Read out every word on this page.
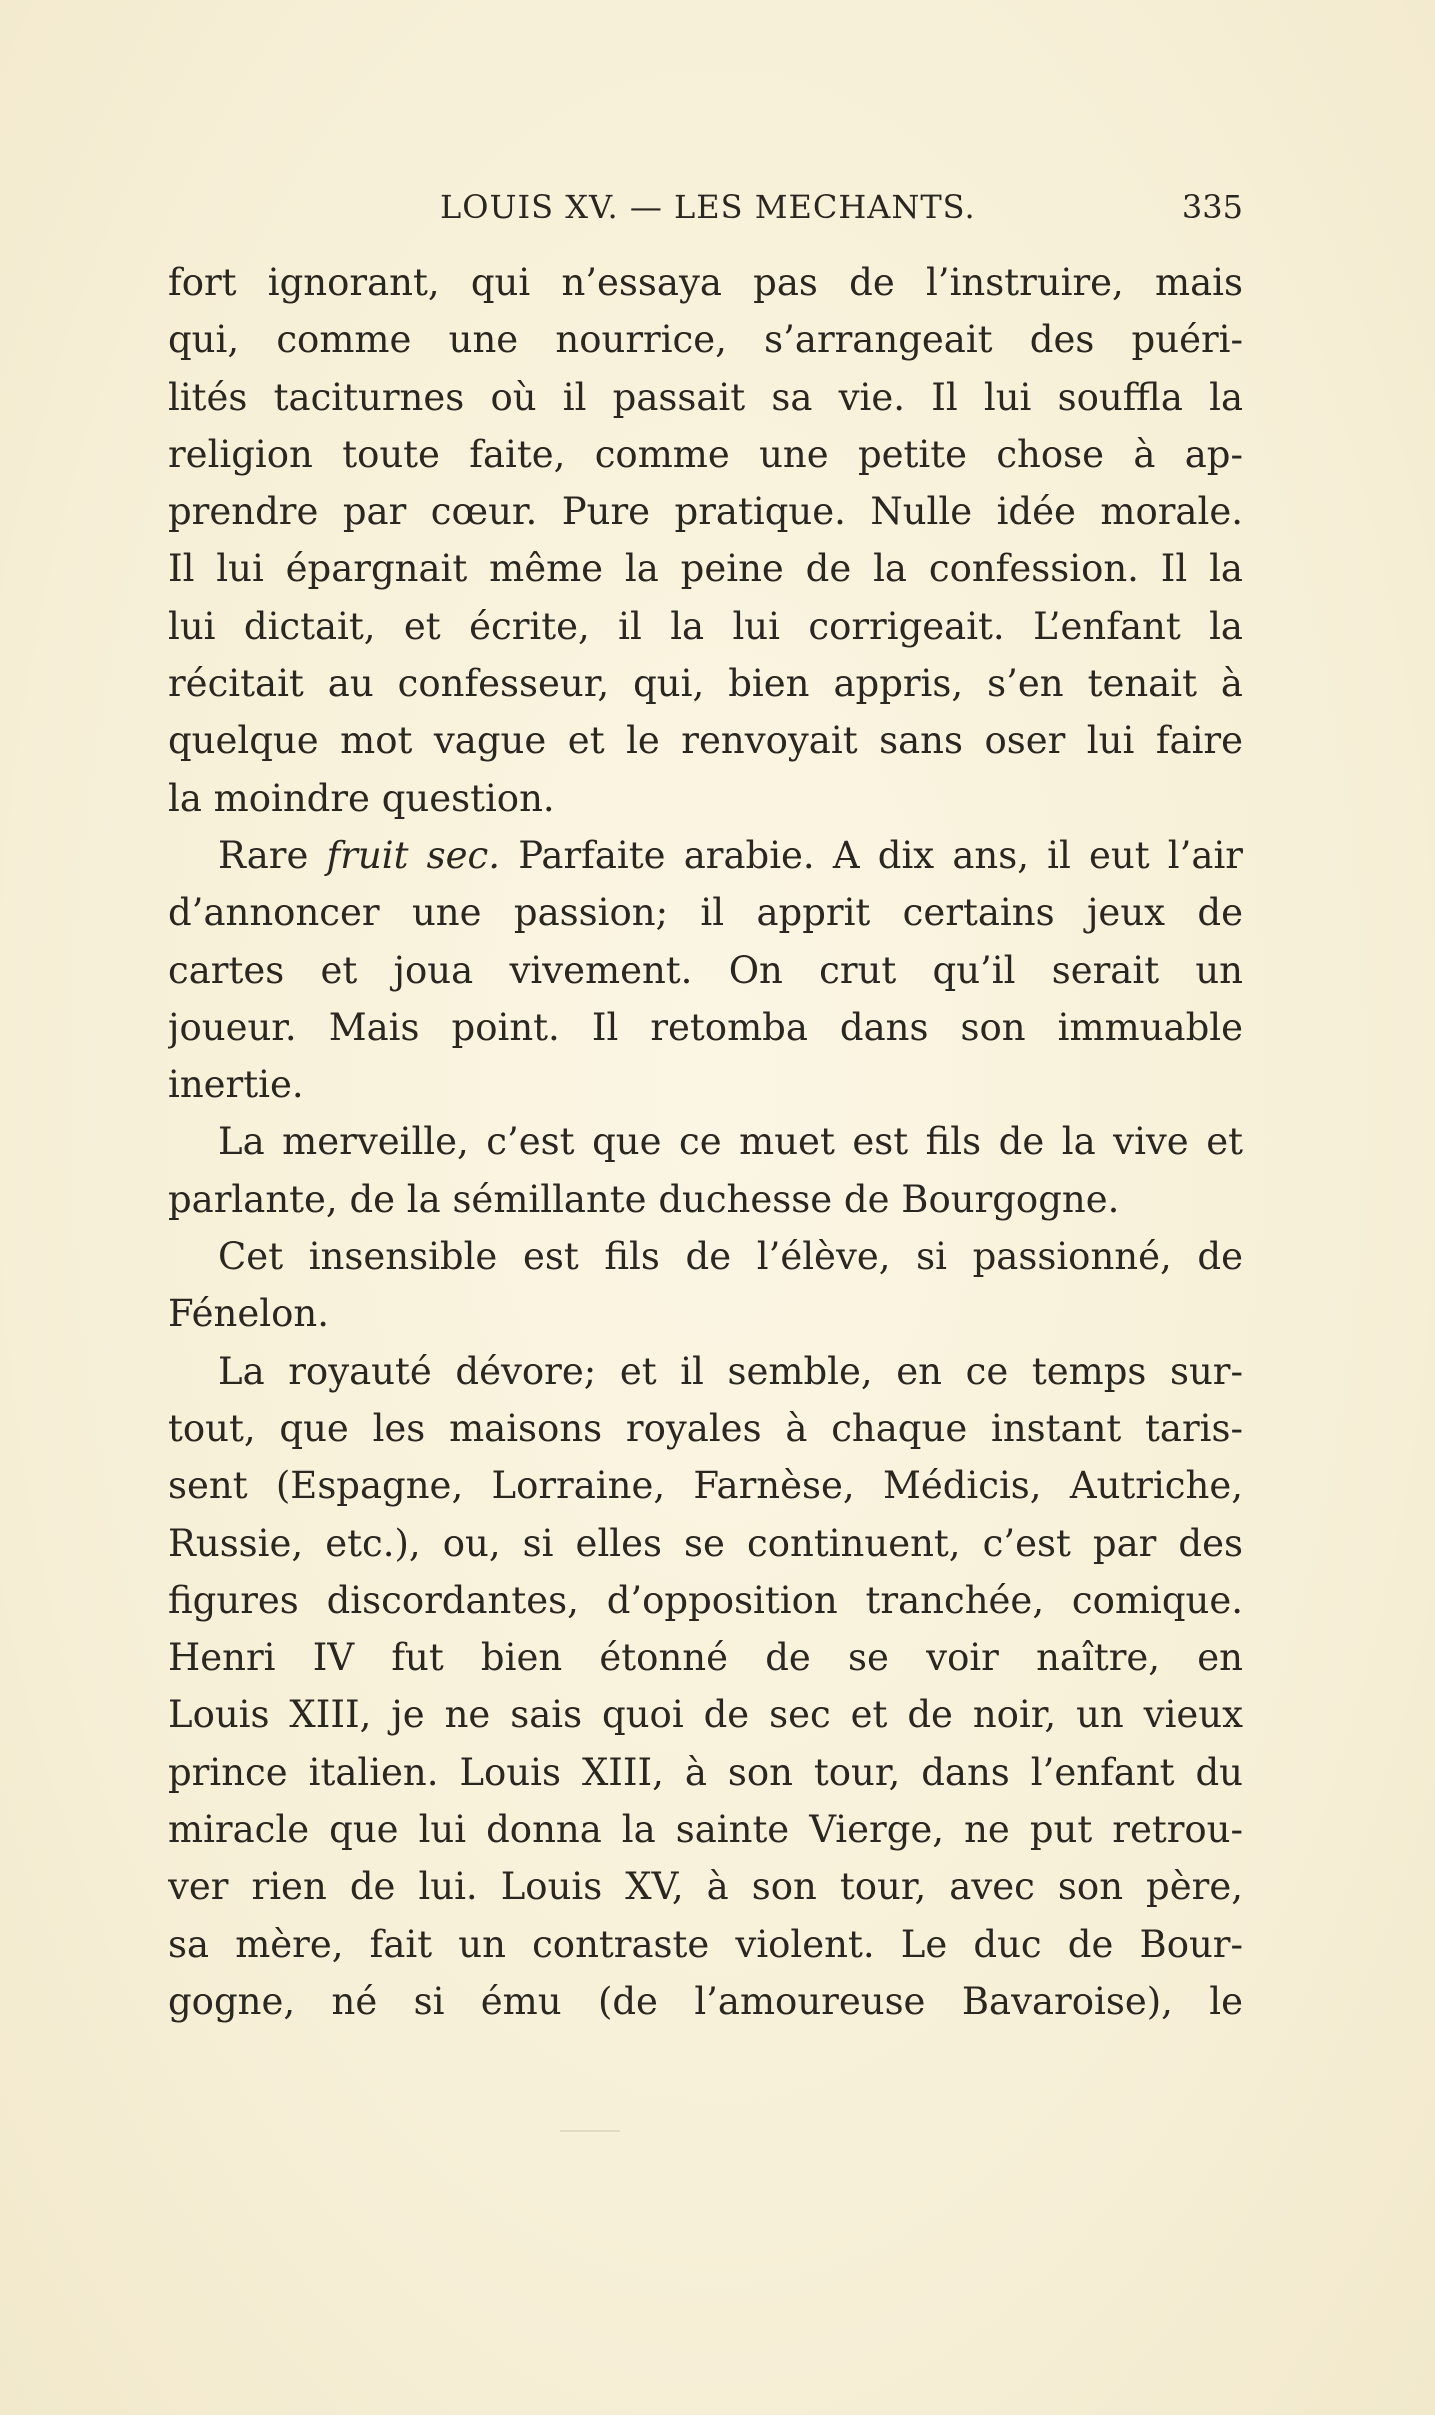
LOUIS XV. — LES MECHANTS.	335
fort ignorant, qui n’essaya pas de l’instruire, mais
qui, comme une nourrice, s’arrangeait des puéri-
lités taciturnes où il passait sa vie. Il lui souffla la
religion toute faite, comme une petite chose à ap-
prendre par cœur. Pure pratique. Nulle idée morale.
Il lui épargnait même la peine de la confession. Il la
lui dictait, et écrite, il la lui corrigeait. L’enfant la
récitait au confesseur, qui, bien appris, s’en tenait à
quelque mot vague et le renvoyait sans oser lui faire
la moindre question.
Rare fruit sec. Parfaite arabie. A dix ans, il eut l’air
d’annoncer une passion; il apprit certains jeux de
cartes et joua vivement. On crut qu’il serait un
joueur. Mais point. Il retomba dans son immuable
inertie.
La merveille, c’est que ce muet est fils de la vive et
parlante, de la sémillante duchesse de Bourgogne.
Cet insensible est fils de l’élève, si passionné, de
Fénelon.
La royauté dévore; et il semble, en ce temps sur-
tout, que les maisons royales à chaque instant taris-
sent (Espagne, Lorraine, Farnèse, Médicis, Autriche,
Russie, etc.), ou, si elles se continuent, c’est par des
figures discordantes, d’opposition tranchée, comique.
Henri IV fut bien étonné de se voir naître, en
Louis XIII, je ne sais quoi de sec et de noir, un vieux
prince italien. Louis XIII, à son tour, dans l’enfant du
miracle que lui donna la sainte Vierge, ne put retrou-
ver rien de lui. Louis XV, à son tour, avec son père,
sa mère, fait un contraste violent. Le duc de Bour-
gogne, né si ému (de l’amoureuse Bavaroise), le
